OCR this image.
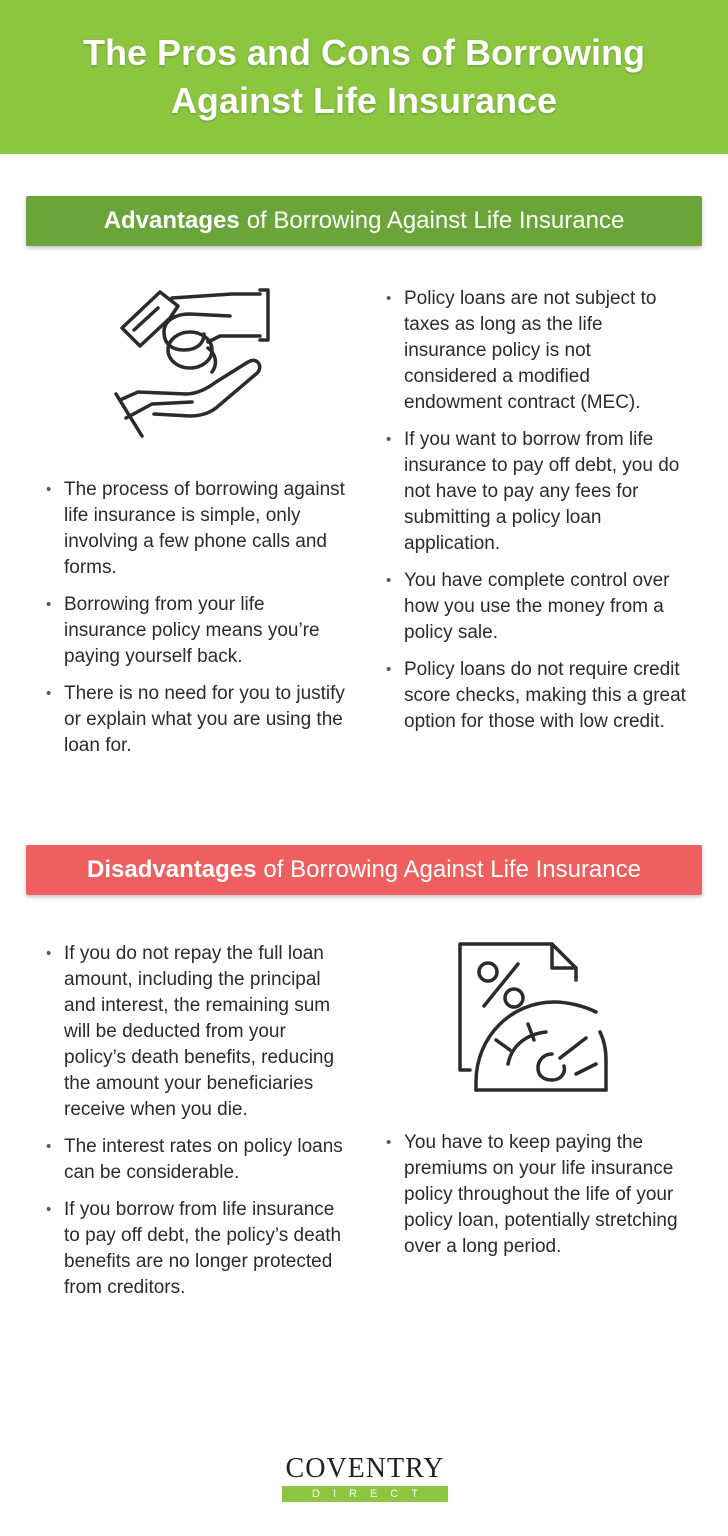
The Pros and Cons of Borrowing
Against Life Insurance
Advantages of Borrowing Against Life Insurance
• The process of borrowing against life insurance is simple, only involving a few phone calls and forms.
• Borrowing from your life insurance policy means you’re paying yourself back.
• There is no need for you to justify or explain what you are using the loan for.
• Policy loans are not subject to taxes as long as the life insurance policy is not considered a modified endowment contract (MEC).
• If you want to borrow from life insurance to pay off debt, you do not have to pay any fees for submitting a policy loan application.
• You have complete control over how you use the money from a policy sale.
• Policy loans do not require credit score checks, making this a great option for those with low credit.
Disadvantages of Borrowing Against Life Insurance
• If you do not repay the full loan amount, including the principal and interest, the remaining sum will be deducted from your policy’s death benefits, reducing the amount your beneficiaries receive when you die.
• The interest rates on policy loans can be considerable.
• If you borrow from life insurance to pay off debt, the policy’s death benefits are no longer protected from creditors.
• You have to keep paying the premiums on your life insurance policy throughout the life of your policy loan, potentially stretching over a long period.
COVENTRY
DIRECT
